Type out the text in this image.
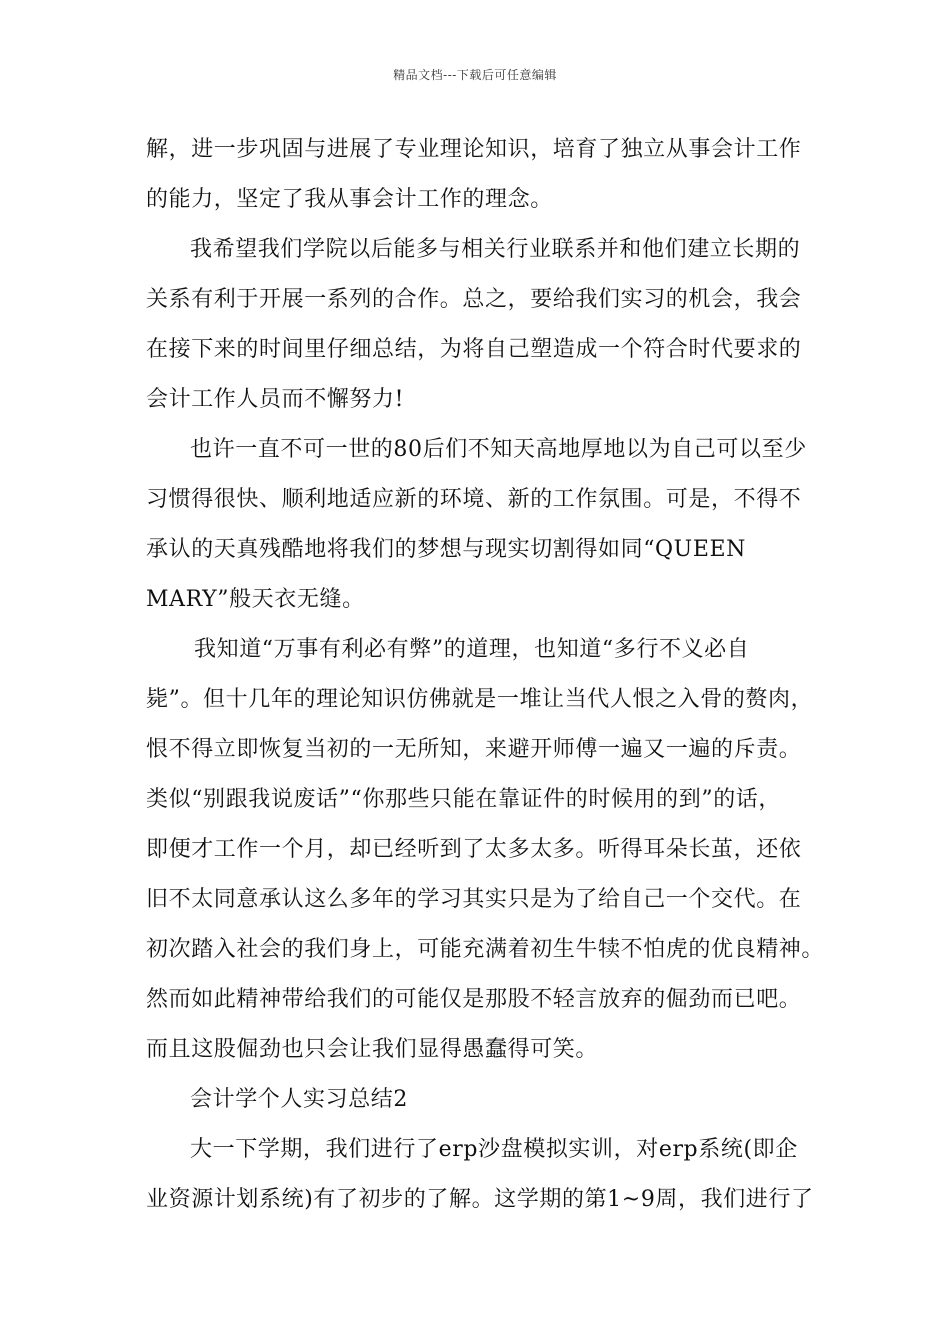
精品文档---下载后可任意编辑
解，进一步巩固与进展了专业理论知识，培育了独立从事会计工作
的能力，坚定了我从事会计工作的理念。
我希望我们学院以后能多与相关行业联系并和他们建立长期的
关系有利于开展一系列的合作。总之，要给我们实习的机会，我会
在接下来的时间里仔细总结，为将自己塑造成一个符合时代要求的
会计工作人员而不懈努力!
也许一直不可一世的80后们不知天高地厚地以为自己可以至少
习惯得很快、顺利地适应新的环境、新的工作氛围。可是，不得不
承认的天真残酷地将我们的梦想与现实切割得如同“QUEEN
MARY”般天衣无缝。
我知道“万事有利必有弊”的道理，也知道“多行不义必自
毙”。但十几年的理论知识仿佛就是一堆让当代人恨之入骨的赘肉，
恨不得立即恢复当初的一无所知，来避开师傅一遍又一遍的斥责。
类似“别跟我说废话”“你那些只能在靠证件的时候用的到”的话，
即便才工作一个月，却已经听到了太多太多。听得耳朵长茧，还依
旧不太同意承认这么多年的学习其实只是为了给自己一个交代。在
初次踏入社会的我们身上，可能充满着初生牛犊不怕虎的优良精神。
然而如此精神带给我们的可能仅是那股不轻言放弃的倔劲而已吧。
而且这股倔劲也只会让我们显得愚蠢得可笑。
会计学个人实习总结2
大一下学期，我们进行了erp沙盘模拟实训，对erp系统(即企
业资源计划系统)有了初步的了解。这学期的第1~9周，我们进行了
